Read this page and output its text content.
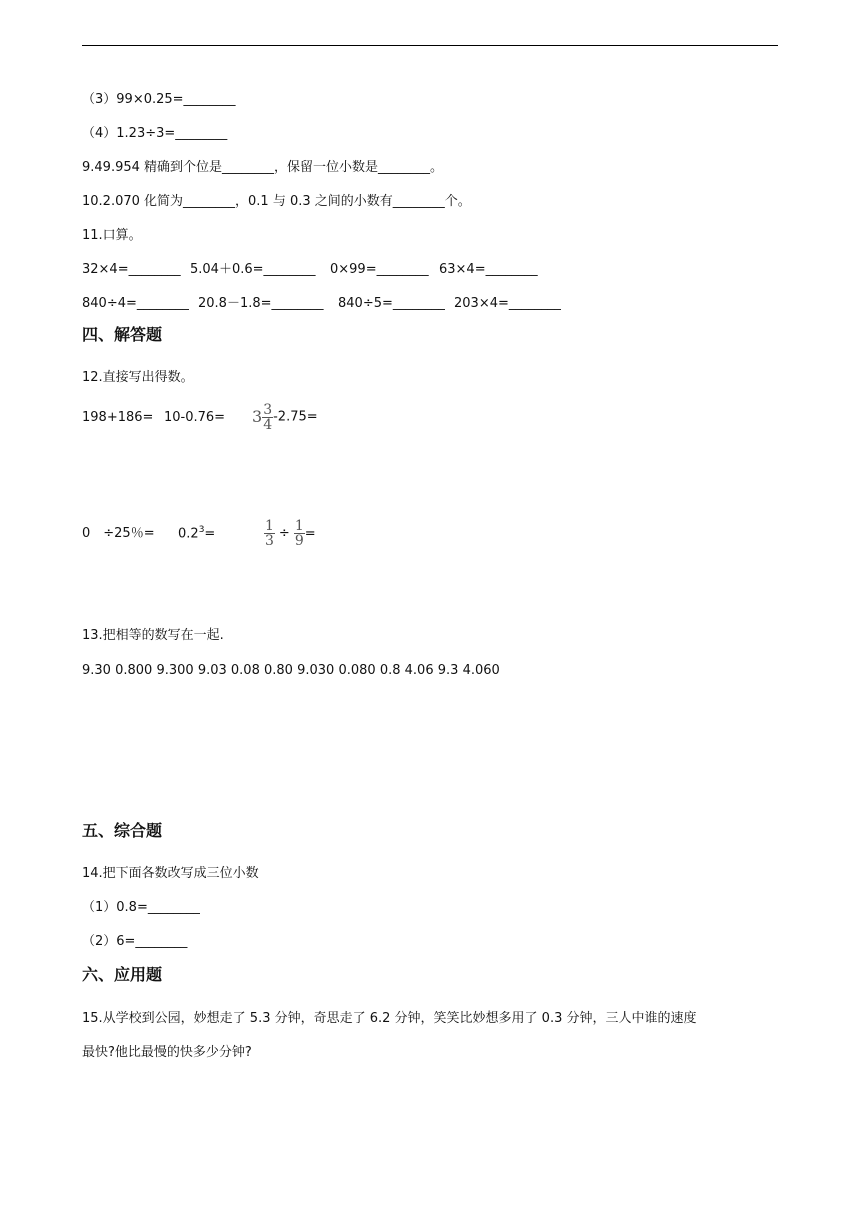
（3）99×0.25=________
（4）1.23÷3=________
9.49.954 精确到个位是________，保留一位小数是________。
10.2.070 化简为________，0.1 与 0.3 之间的小数有________个。
11.口算。
32×4=________ 5.04＋0.6=________ 0×99=________ 63×4=________
840÷4=________ 20.8－1.8=________ 840÷5=________ 203×4=________
四、解答题
12.直接写出得数。
$198+186= 10-0.76= 3 \frac{3}{4} -2.75=$
0　÷25％= $0.2^3=$	$\frac{1}{3} \div \frac{1}{9}$ =
13.把相等的数写在一起.
9.30 0.800 9.300 9.03 0.08 0.80 9.030 0.080 0.8 4.06 9.3 4.060
五、综合题
14.把下面各数改写成三位小数
（1）0.8=________
（2）6=________
六、应用题
15.从学校到公园，妙想走了 5.3 分钟，奇思走了 6.2 分钟，笑笑比妙想多用了 0.3 分钟，三人中谁的速度
最快?他比最慢的快多少分钟?
